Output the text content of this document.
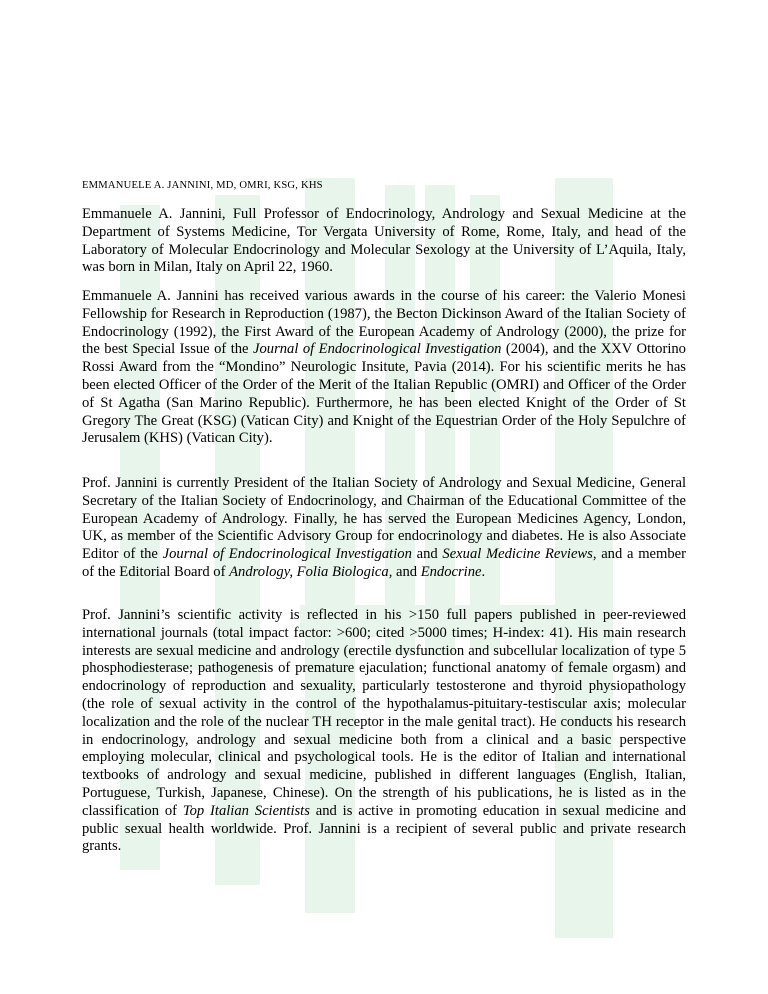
EMMANUELE A. JANNINI, MD, OMRI, KSG, KHS

Emmanuele A. Jannini, Full Professor of Endocrinology, Andrology and Sexual Medicine at the Department of Systems Medicine, Tor Vergata University of Rome, Rome, Italy, and head of the Laboratory of Molecular Endocrinology and Molecular Sexology at the University of L’Aquila, Italy, was born in Milan, Italy on April 22, 1960.

Emmanuele A. Jannini has received various awards in the course of his career: the Valerio Monesi Fellowship for Research in Reproduction (1987), the Becton Dickinson Award of the Italian Society of Endocrinology (1992), the First Award of the European Academy of Andrology (2000), the prize for the best Special Issue of the Journal of Endocrinological Investigation (2004), and the XXV Ottorino Rossi Award from the “Mondino” Neurologic Insitute, Pavia (2014). For his scientific merits he has been elected Officer of the Order of the Merit of the Italian Republic (OMRI) and Officer of the Order of St Agatha (San Marino Republic). Furthermore, he has been elected Knight of the Order of St Gregory The Great (KSG) (Vatican City) and Knight of the Equestrian Order of the Holy Sepulchre of Jerusalem (KHS) (Vatican City).

Prof. Jannini is currently President of the Italian Society of Andrology and Sexual Medicine, General Secretary of the Italian Society of Endocrinology, and Chairman of the Educational Committee of the European Academy of Andrology. Finally, he has served the European Medicines Agency, London, UK, as member of the Scientific Advisory Group for endocrinology and diabetes. He is also Associate Editor of the Journal of Endocrinological Investigation and Sexual Medicine Reviews, and a member of the Editorial Board of Andrology, Folia Biologica, and Endocrine.

Prof. Jannini’s scientific activity is reflected in his >150 full papers published in peer-reviewed international journals (total impact factor: >600; cited >5000 times; H-index: 41). His main research interests are sexual medicine and andrology (erectile dysfunction and subcellular localization of type 5 phosphodiesterase; pathogenesis of premature ejaculation; functional anatomy of female orgasm) and endocrinology of reproduction and sexuality, particularly testosterone and thyroid physiopathology (the role of sexual activity in the control of the hypothalamus-pituitary-testiscular axis; molecular localization and the role of the nuclear TH receptor in the male genital tract). He conducts his research in endocrinology, andrology and sexual medicine both from a clinical and a basic perspective employing molecular, clinical and psychological tools. He is the editor of Italian and international textbooks of andrology and sexual medicine, published in different languages (English, Italian, Portuguese, Turkish, Japanese, Chinese). On the strength of his publications, he is listed as in the classification of Top Italian Scientists and is active in promoting education in sexual medicine and public sexual health worldwide. Prof. Jannini is a recipient of several public and private research grants.
